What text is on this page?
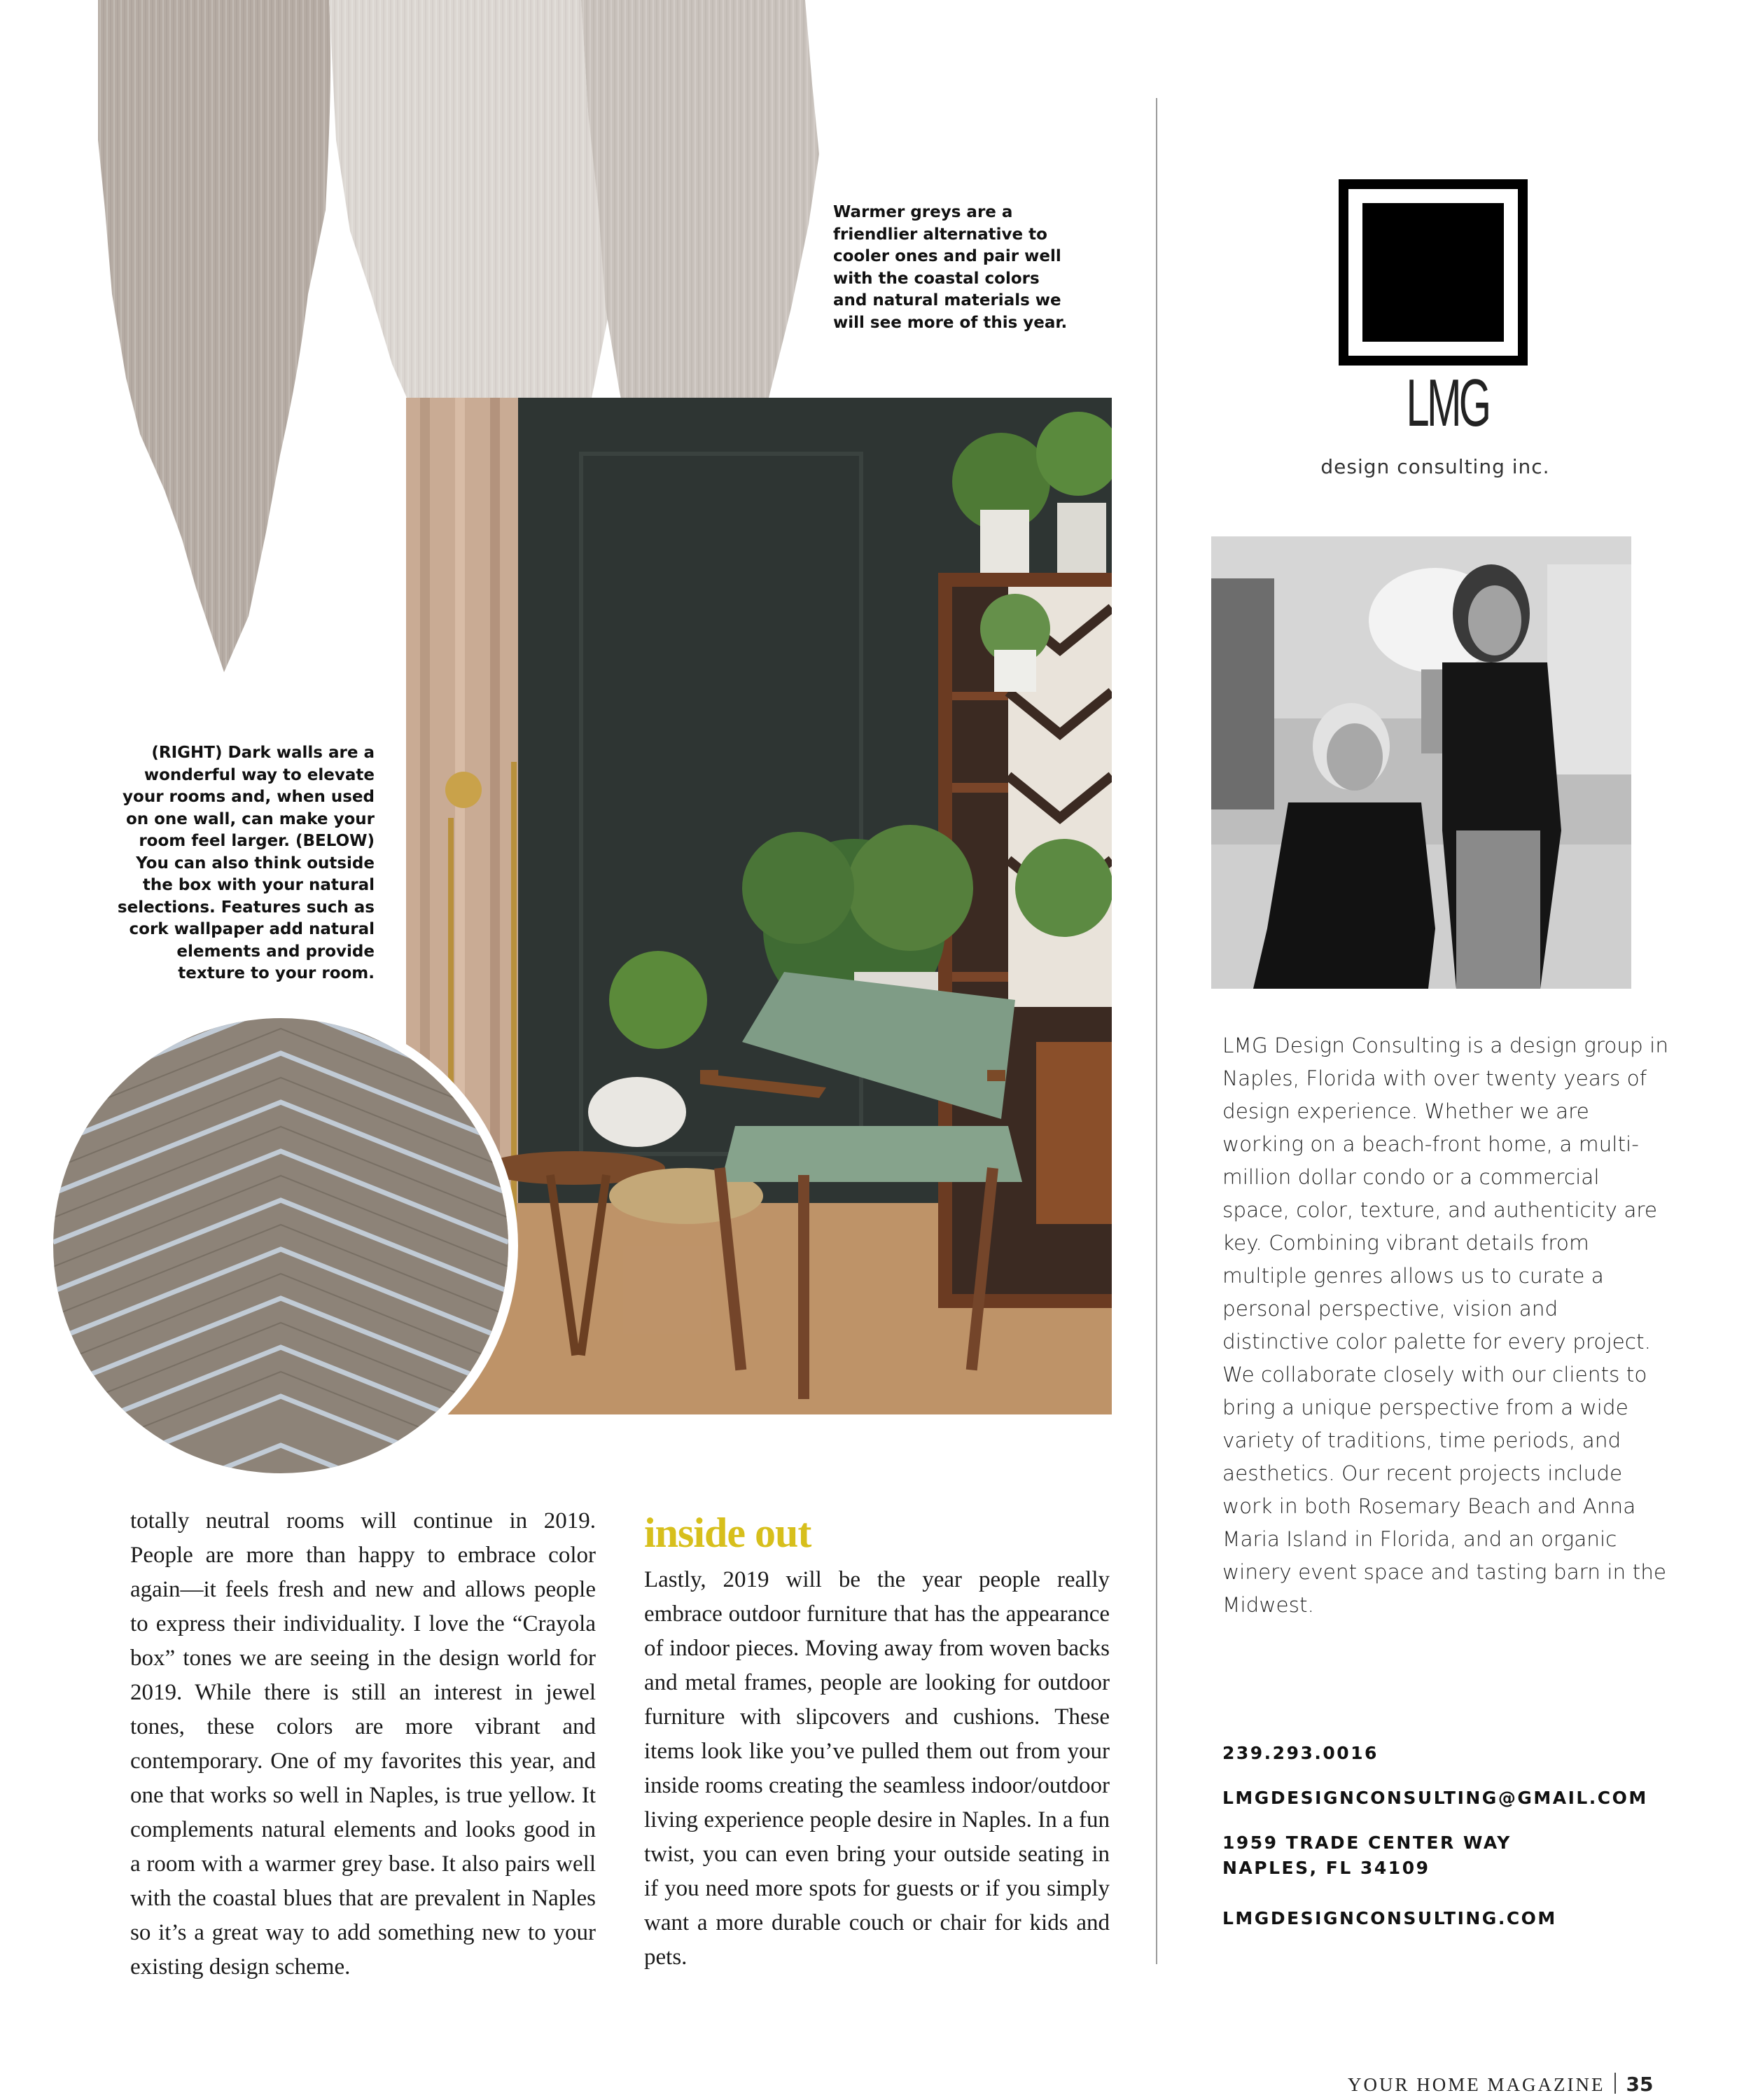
Warmer greys are a friendlier alternative to cooler ones and pair well with the coastal colors and natural materials we will see more of this year.
(RIGHT) Dark walls are a wonderful way to elevate your rooms and, when used on one wall, can make your room feel larger. (BELOW) You can also think outside the box with your natural selections. Features such as cork wallpaper add natural elements and provide texture to your room.
totally neutral rooms will continue in 2019. People are more than happy to embrace color again—it feels fresh and new and allows people to express their individuality. I love the “Crayola box” tones we are seeing in the design world for 2019. While there is still an interest in jewel tones, these colors are more vibrant and contemporary. One of my favorites this year, and one that works so well in Naples, is true yellow. It complements natural elements and looks good in a room with a warmer grey base. It also pairs well with the coastal blues that are prevalent in Naples so it’s a great way to add something new to your existing design scheme.
inside out
Lastly, 2019 will be the year people really embrace outdoor furniture that has the appearance of indoor pieces. Moving away from woven backs and metal frames, people are looking for outdoor furniture with slipcovers and cushions. These items look like you’ve pulled them out from your inside rooms creating the seamless indoor/outdoor living experience people desire in Naples. In a fun twist, you can even bring your outside seating in if you need more spots for guests or if you simply want a more durable couch or chair for kids and pets.
LMG
design consulting inc.
LMG Design Consulting is a design group in Naples, Florida with over twenty years of design experience. Whether we are working on a beach-front home, a multi-million dollar condo or a commercial space, color, texture, and authenticity are key. Combining vibrant details from multiple genres allows us to curate a personal perspective, vision and distinctive color palette for every project. We collaborate closely with our clients to bring a unique perspective from a wide variety of traditions, time periods, and aesthetics. Our recent projects include work in both Rosemary Beach and Anna Maria Island in Florida, and an organic winery event space and tasting barn in the Midwest.
239.293.0016
LMGDESIGNCONSULTING@GMAIL.COM
1959 TRADE CENTER WAY
NAPLES, FL 34109
LMGDESIGNCONSULTING.COM
YOUR HOME MAGAZINE 35
